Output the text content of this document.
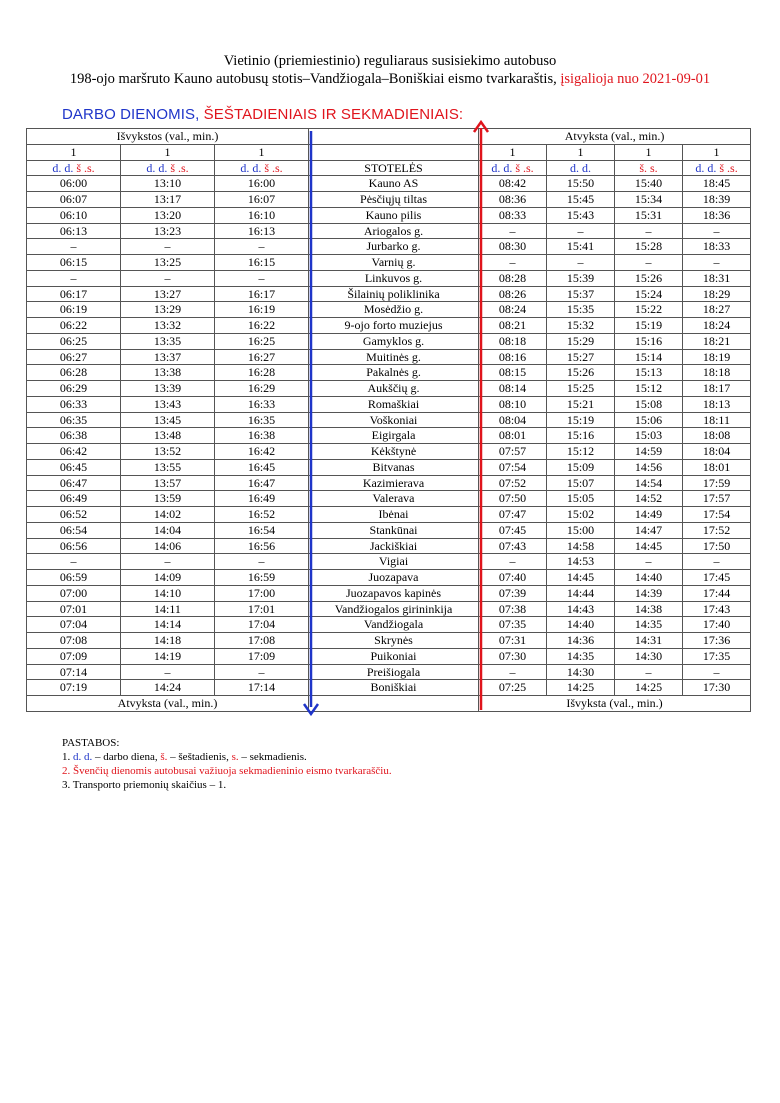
Vietinio (priemiestinio) reguliaraus susisiekimo autobuso
198-ojo maršruto Kauno autobusų stotis–Vandžiogala–Boniškiai eismo tvarkaraštis, įsigalioja nuo 2021-09-01
DARBO DIENOMIS, ŠEŠTADIENIAIS IR SEKMADIENIAIS:
Išvykstos (val., min.)				Atvyksta (val., min.)			
1	1	1		1	1	1	1
d. d. š .s.	d. d. š .s.	d. d. š .s.	STOTELĖS	d. d. š .s.	d. d.	š. s.	d. d. š .s.
06:00	13:10	16:00	Kauno AS	08:42	15:50	15:40	18:45
06:07	13:17	16:07	Pėsčiųjų tiltas	08:36	15:45	15:34	18:39
06:10	13:20	16:10	Kauno pilis	08:33	15:43	15:31	18:36
06:13	13:23	16:13	Ariogalos g.	–	–	–	–
–	–	–	Jurbarko g.	08:30	15:41	15:28	18:33
06:15	13:25	16:15	Varnių g.	–	–	–	–
–	–	–	Linkuvos g.	08:28	15:39	15:26	18:31
06:17	13:27	16:17	Šilainių poliklinika	08:26	15:37	15:24	18:29
06:19	13:29	16:19	Mosėdžio g.	08:24	15:35	15:22	18:27
06:22	13:32	16:22	9-ojo forto muziejus	08:21	15:32	15:19	18:24
06:25	13:35	16:25	Gamyklos g.	08:18	15:29	15:16	18:21
06:27	13:37	16:27	Muitinės g.	08:16	15:27	15:14	18:19
06:28	13:38	16:28	Pakalnės g.	08:15	15:26	15:13	18:18
06:29	13:39	16:29	Aukščių g.	08:14	15:25	15:12	18:17
06:33	13:43	16:33	Romaškiai	08:10	15:21	15:08	18:13
06:35	13:45	16:35	Voškoniai	08:04	15:19	15:06	18:11
06:38	13:48	16:38	Eigirgala	08:01	15:16	15:03	18:08
06:42	13:52	16:42	Kėkštynė	07:57	15:12	14:59	18:04
06:45	13:55	16:45	Bitvanas	07:54	15:09	14:56	18:01
06:47	13:57	16:47	Kazimierava	07:52	15:07	14:54	17:59
06:49	13:59	16:49	Valerava	07:50	15:05	14:52	17:57
06:52	14:02	16:52	Ibėnai	07:47	15:02	14:49	17:54
06:54	14:04	16:54	Stankūnai	07:45	15:00	14:47	17:52
06:56	14:06	16:56	Jackiškiai	07:43	14:58	14:45	17:50
–	–	–	Vigiai	–	14:53	–	–
06:59	14:09	16:59	Juozapava	07:40	14:45	14:40	17:45
07:00	14:10	17:00	Juozapavos kapinės	07:39	14:44	14:39	17:44
07:01	14:11	17:01	Vandžiogalos girininkija	07:38	14:43	14:38	17:43
07:04	14:14	17:04	Vandžiogala	07:35	14:40	14:35	17:40
07:08	14:18	17:08	Skrynės	07:31	14:36	14:31	17:36
07:09	14:19	17:09	Puikoniai	07:30	14:35	14:30	17:35
07:14	–	–	Preišiogala	–	14:30	–	–
07:19	14:24	17:14	Boniškiai	07:25	14:25	14:25	17:30
Atvyksta (val., min.)				Išvyksta (val., min.)			
PASTABOS:
1. d. d. – darbo diena, š. – šeštadienis, s. – sekmadienis.
2. Švenčių dienomis autobusai važiuoja sekmadieninio eismo tvarkaraščiu.
3. Transporto priemonių skaičius – 1.
